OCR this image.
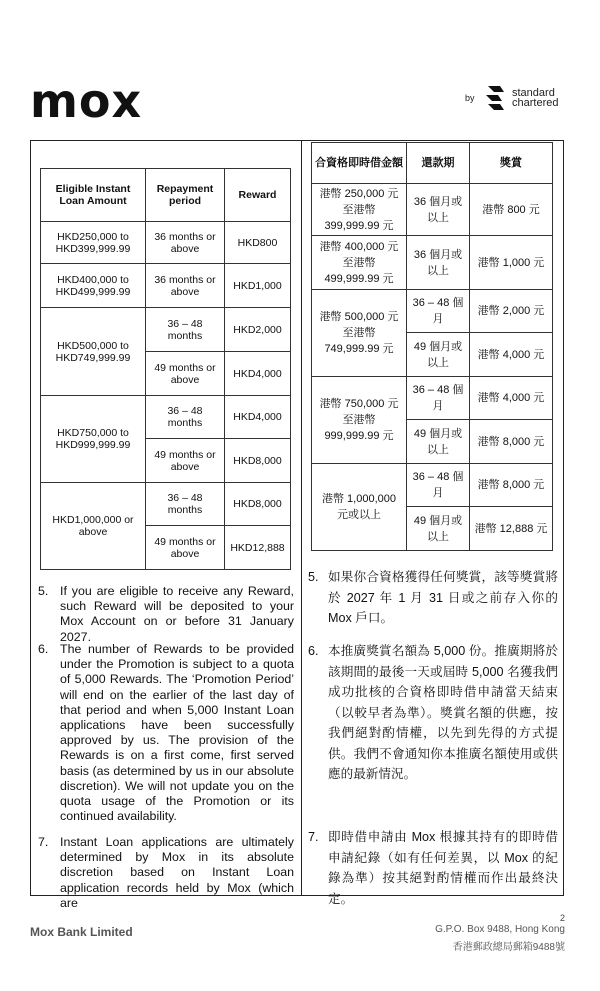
mox	by	standard
chartered
Eligible Instant Loan Amount	Repayment period	Reward
HKD250,000 to HKD399,999.99	36 months or above	HKD800
HKD400,000 to HKD499,999.99	36 months or above	HKD1,000
HKD500,000 to HKD749,999.99	36 – 48 months	HKD2,000
	49 months or above	HKD4,000
HKD750,000 to HKD999,999.99	36 – 48 months	HKD4,000
	49 months or above	HKD8,000
HKD1,000,000 or above	36 – 48 months	HKD8,000
	49 months or above	HKD12,888
合資格即時借金額	還款期	獎賞
港幣 250,000 元至港幣399,999.99 元	36 個月或以上	港幣 800 元
港幣 400,000 元至港幣499,999.99 元	36 個月或以上	港幣 1,000 元
港幣 500,000 元至港幣749,999.99 元	36 – 48 個月	港幣 2,000 元
	49 個月或以上	港幣 4,000 元
港幣 750,000 元至港幣999,999.99 元	36 – 48 個月	港幣 4,000 元
	49 個月或以上	港幣 8,000 元
港幣 1,000,000 元或以上	36 – 48 個月	港幣 8,000 元
	49 個月或以上	港幣 12,888 元
5. If you are eligible to receive any Reward, such Reward will be deposited to your Mox Account on or before 31 January 2027.
6. The number of Rewards to be provided under the Promotion is subject to a quota of 5,000 Rewards. The ‘Promotion Period’ will end on the earlier of the last day of that period and when 5,000 Instant Loan applications have been successfully approved by us. The provision of the Rewards is on a first come, first served basis (as determined by us in our absolute discretion). We will not update you on the quota usage of the Promotion or its continued availability.
7. Instant Loan applications are ultimately determined by Mox in its absolute discretion based on Instant Loan application records held by Mox (which are
5. 如果你合資格獲得任何獎賞，該等獎賞將於 2027 年 1 月 31 日或之前存入你的 Mox 戶口。
6. 本推廣獎賞名額為 5,000 份。推廣期將於該期間的最後一天或屆時 5,000 名獲我們成功批核的合資格即時借申請當天結束（以較早者為準）。獎賞名額的供應，按我們絕對酌情權，以先到先得的方式提供。我們不會通知你本推廣名額使用或供應的最新情況。
7. 即時借申請由 Mox 根據其持有的即時借申請紀錄（如有任何差異，以 Mox 的紀錄為準）按其絕對酌情權而作出最終決定。
Mox Bank Limited
2
G.P.O. Box 9488, Hong Kong
香港郵政總局郵箱9488號
